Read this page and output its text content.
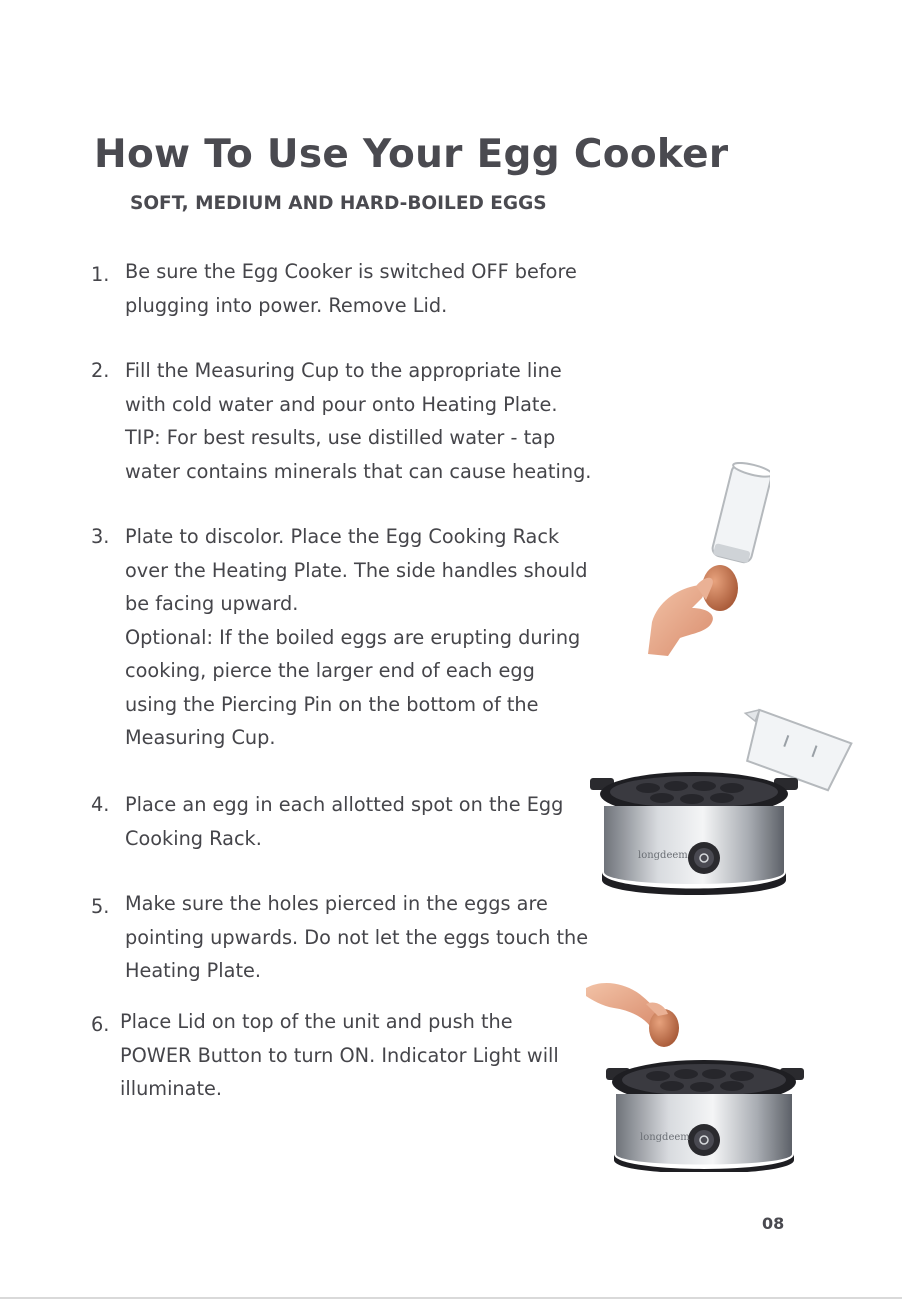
How To Use Your Egg Cooker
SOFT, MEDIUM AND HARD-BOILED EGGS
1. Be sure the Egg Cooker is switched OFF before
plugging into power. Remove Lid.
2. Fill the Measuring Cup to the appropriate line
with cold water and pour onto Heating Plate.
TIP: For best results, use distilled water - tap
water contains minerals that can cause heating.
3. Plate to discolor. Place the Egg Cooking Rack
over the Heating Plate. The side handles should
be facing upward.
Optional: If the boiled eggs are erupting during
cooking, pierce the larger end of each egg
using the Piercing Pin on the bottom of the
Measuring Cup.
4. Place an egg in each allotted spot on the Egg
Cooking Rack.
5. Make sure the holes pierced in the eggs are
pointing upwards. Do not let the eggs touch the
Heating Plate.
6. Place Lid on top of the unit and push the
POWER Button to turn ON. Indicator Light will
illuminate.
longdeem
longdeem
08
